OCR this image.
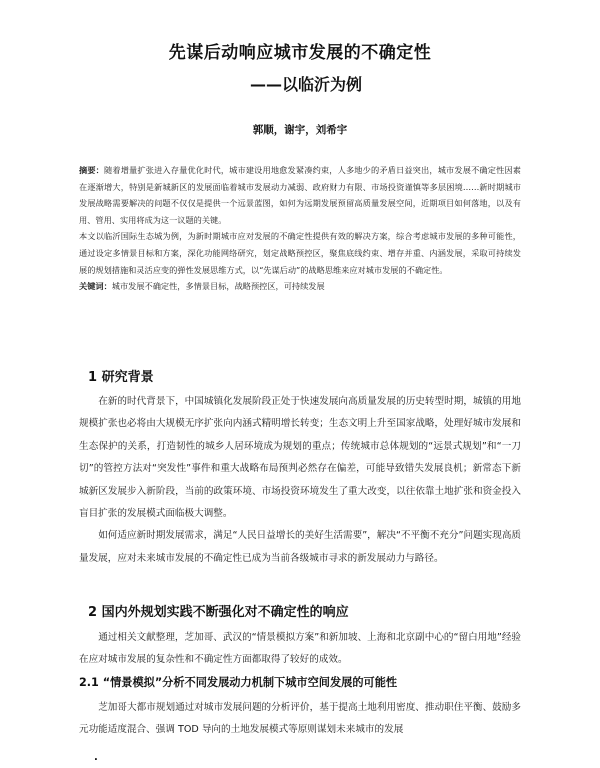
先谋后动响应城市发展的不确定性
——以临沂为例
郭顺，谢宇，刘希宇

摘要：随着增量扩张进入存量优化时代，城市建设用地愈发紧凑约束，人多地少的矛盾日益突出，城市发展不确定性因素在逐渐增大，特别是新城新区的发展面临着城市发展动力减弱、政府财力有限、市场投资谨慎等多层困境……新时期城市发展战略需要解决的问题不仅仅是提供一个远景蓝图，如何为远期发展预留高质量发展空间，近期项目如何落地，以及有用、管用、实用将成为这一议题的关键。

本文以临沂国际生态城为例，为新时期城市应对发展的不确定性提供有效的解决方案，综合考虑城市发展的多种可能性，通过设定多情景目标和方案，深化功能网络研究，划定战略预控区，聚焦底线约束、增存并重、内涵发展，采取可持续发展的规划措施和灵活应变的弹性发展思维方式，以“先谋后动”的战略思维来应对城市发展的不确定性。

关键词：城市发展不确定性，多情景目标，战略预控区，可持续发展

1 研究背景

在新的时代背景下，中国城镇化发展阶段正处于快速发展向高质量发展的历史转型时期，城镇的用地规模扩张也必将由大规模无序扩张向内涵式精明增长转变；生态文明上升至国家战略，处理好城市发展和生态保护的关系，打造韧性的城乡人居环境成为规划的重点；传统城市总体规划的“远景式规划”和“一刀切”的管控方法对“突发性”事件和重大战略布局预判必然存在偏差，可能导致错失发展良机；新常态下新城新区发展步入新阶段，当前的政策环境、市场投资环境发生了重大改变，以往依靠土地扩张和资金投入盲目扩张的发展模式面临极大调整。

如何适应新时期发展需求，满足“人民日益增长的美好生活需要”，解决“不平衡不充分”问题实现高质量发展，应对未来城市发展的不确定性已成为当前各级城市寻求的新发展动力与路径。

2 国内外规划实践不断强化对不确定性的响应

通过相关文献整理，芝加哥、武汉的“情景模拟方案”和新加坡、上海和北京副中心的“留白用地”经验在应对城市发展的复杂性和不确定性方面都取得了较好的成效。

2.1 “情景模拟”分析不同发展动力机制下城市空间发展的可能性

芝加哥大都市规划通过对城市发展问题的分析评价，基于提高土地利用密度、推动职住平衡、鼓励多元功能适度混合、强调 TOD 导向的土地发展模式等原则谋划未来城市的发展

.
